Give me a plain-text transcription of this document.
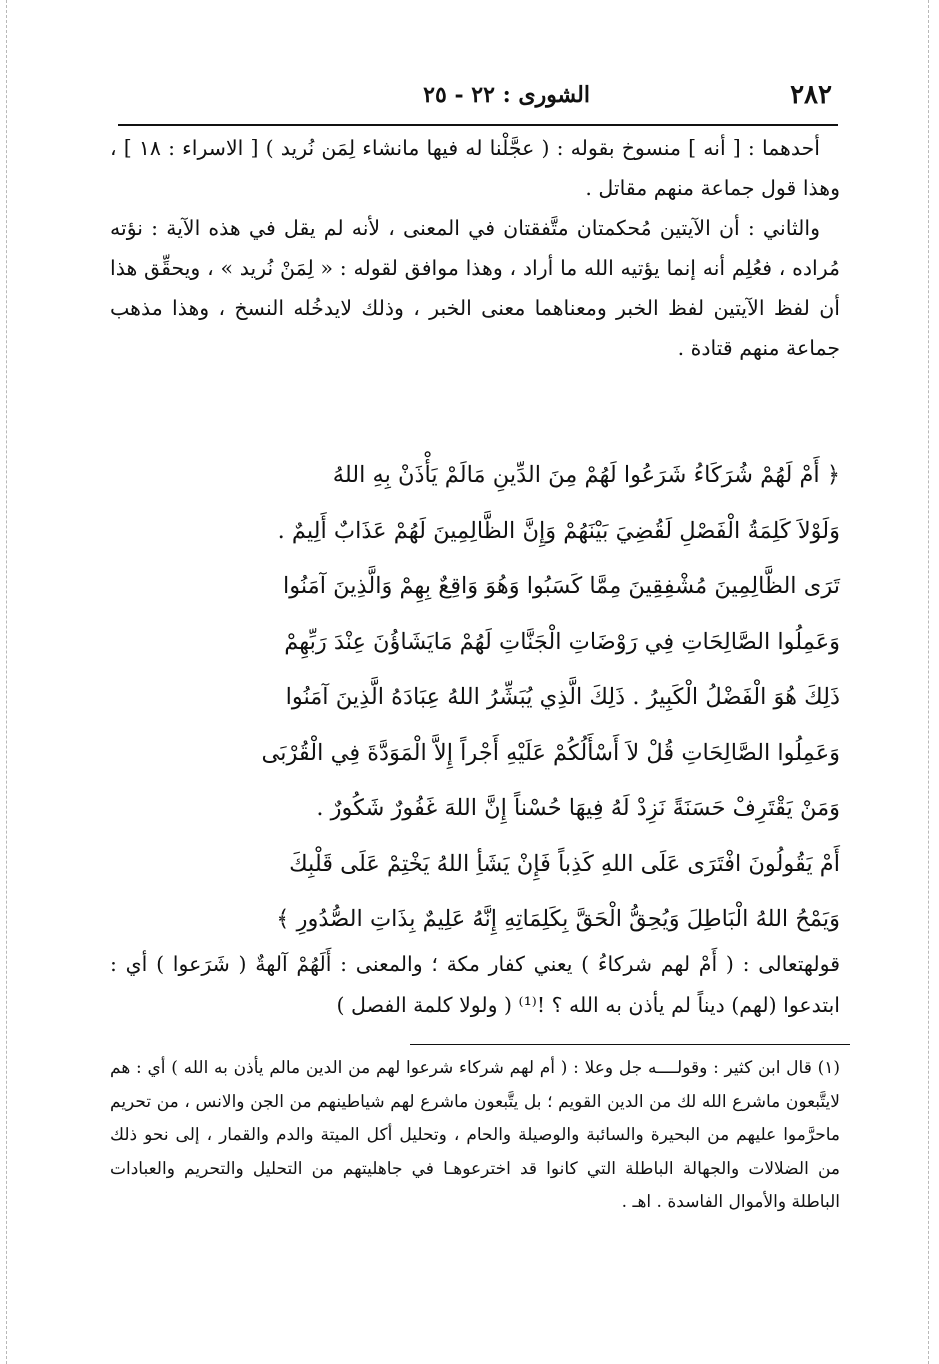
٢٨٢
الشورى : ٢٢ - ٢٥

أحدهما : [ أنه ] منسوخ بقوله : ( عجَّلْنا له فيها مانشاء لِمَن نُريد ) [ الاسراء : ١٨ ] ، وهذا قول جماعة منهم مقاتل .

والثاني : أن الآيتين مُحكمتان متَّفقتان في المعنى ، لأنه لم يقل في هذه الآية : نؤته مُراده ، فعُلِم أنه إنما يؤتيه الله ما أراد ، وهذا موافق لقوله : « لِمَنْ نُريد » ، ويحقِّق هذا أن لفظ الآيتين لفظ الخبر ومعناهما معنى الخبر ، وذلك لايدخُله النسخ ، وهذا مذهب جماعة منهم قتادة .

﴿ أَمْ لَهُمْ شُرَكَاءُ شَرَعُوا لَهُمْ مِنَ الدِّينِ مَالَمْ يَأْذَنْ بِهِ اللهُ

وَلَوْلاَ كَلِمَةُ الْفَصْلِ لَقُضِيَ بَيْنَهُمْ وَإِنَّ الظَّالِمِينَ لَهُمْ عَذَابٌ أَلِيمٌ .

تَرَى الظَّالِمِينَ مُشْفِقِينَ مِمَّا كَسَبُوا وَهُوَ وَاقِعٌ بِهِمْ وَالَّذِينَ آمَنُوا

وَعَمِلُوا الصَّالِحَاتِ فِي رَوْضَاتِ الْجَنَّاتِ لَهُمْ مَايَشَاؤُنَ عِنْدَ رَبِّهِمْ

ذَلِكَ هُوَ الْفَضْلُ الْكَبِيرُ . ذَلِكَ الَّذِي يُبَشِّرُ اللهُ عِبَادَهُ الَّذِينَ آمَنُوا

وَعَمِلُوا الصَّالِحَاتِ قُلْ لاَ أَسْأَلُكُمْ عَلَيْهِ أَجْراً إِلاَّ الْمَوَدَّةَ فِي الْقُرْبَى

وَمَنْ يَقْتَرِفْ حَسَنَةً نَزِدْ لَهُ فِيهَا حُسْناً إِنَّ اللهَ غَفُورٌ شَكُورٌ .

أَمْ يَقُولُونَ افْتَرَى عَلَى اللهِ كَذِباً فَإِنْ يَشَأِ اللهُ يَخْتِمْ عَلَى قَلْبِكَ

وَيَمْحُ اللهُ الْبَاطِلَ وَيُحِقُّ الْحَقَّ بِكَلِمَاتِهِ إِنَّهُ عَلِيمٌ بِذَاتِ الصُّدُورِ ﴾

قولهتعالى : ( أَمْ لهم شركاءُ ) يعني كفار مكة ؛ والمعنى : أَلَهُمْ آلهةٌ ( شَرَعوا ) أي : ابتدعوا (لهم) ديناً لم يأذن به الله ؟ !⁽¹⁾ ( ولولا كلمة الفصل )

(١) قال ابن كثير : وقولــــه جل وعلا : ( أم لهم شركاء شرعوا لهم من الدين مالم يأذن به الله ) أي : هم لايتَّبعون ماشرع الله لك من الدين القويم ؛ بل يتَّبعون ماشرع لهم شياطينهم من الجن والانس ، من تحريم ماحرَّموا عليهم من البحيرة والسائبة والوصيلة والحام ، وتحليل أكل الميتة والدم والقمار ، إلى نحو ذلك من الضلالات والجهالة الباطلة التي كانوا قد اخترعوهـا في جاهليتهم من التحليل والتحريم والعبادات الباطلة والأموال الفاسدة . اهـ .
